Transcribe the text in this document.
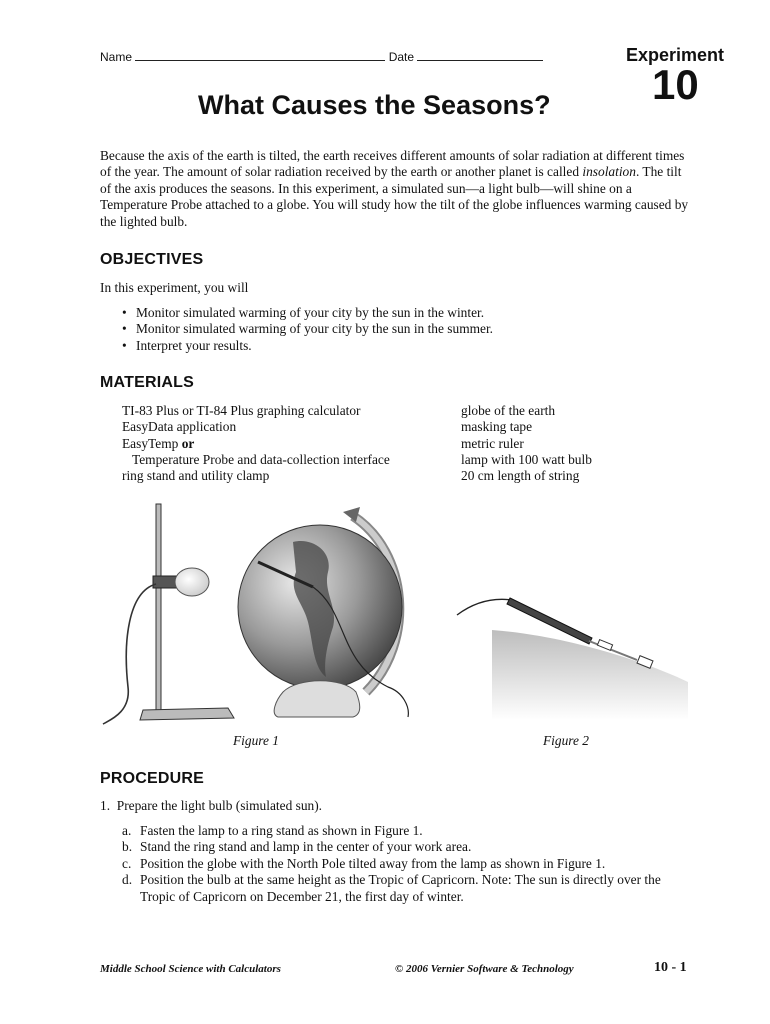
Name	Date	Experiment
10
What Causes the Seasons?
Because the axis of the earth is tilted, the earth receives different amounts of solar radiation at different times of the year. The amount of solar radiation received by the earth or another planet is called insolation. The tilt of the axis produces the seasons. In this experiment, a simulated sun—a light bulb—will shine on a Temperature Probe attached to a globe. You will study how the tilt of the globe influences warming caused by the lighted bulb.
OBJECTIVES
In this experiment, you will
• Monitor simulated warming of your city by the sun in the winter.
• Monitor simulated warming of your city by the sun in the summer.
• Interpret your results.
MATERIALS
TI-83 Plus or TI-84 Plus graphing calculator
EasyData application
EasyTemp or
Temperature Probe and data-collection interface
ring stand and utility clamp
globe of the earth
masking tape
metric ruler
lamp with 100 watt bulb
20 cm length of string
Figure 1	Figure 2
PROCEDURE
1. Prepare the light bulb (simulated sun).
a. Fasten the lamp to a ring stand as shown in Figure 1.
b. Stand the ring stand and lamp in the center of your work area.
c. Position the globe with the North Pole tilted away from the lamp as shown in Figure 1.
d. Position the bulb at the same height as the Tropic of Capricorn. Note: The sun is directly over the Tropic of Capricorn on December 21, the first day of winter.
Middle School Science with Calculators	© 2006 Vernier Software & Technology	10 - 1
